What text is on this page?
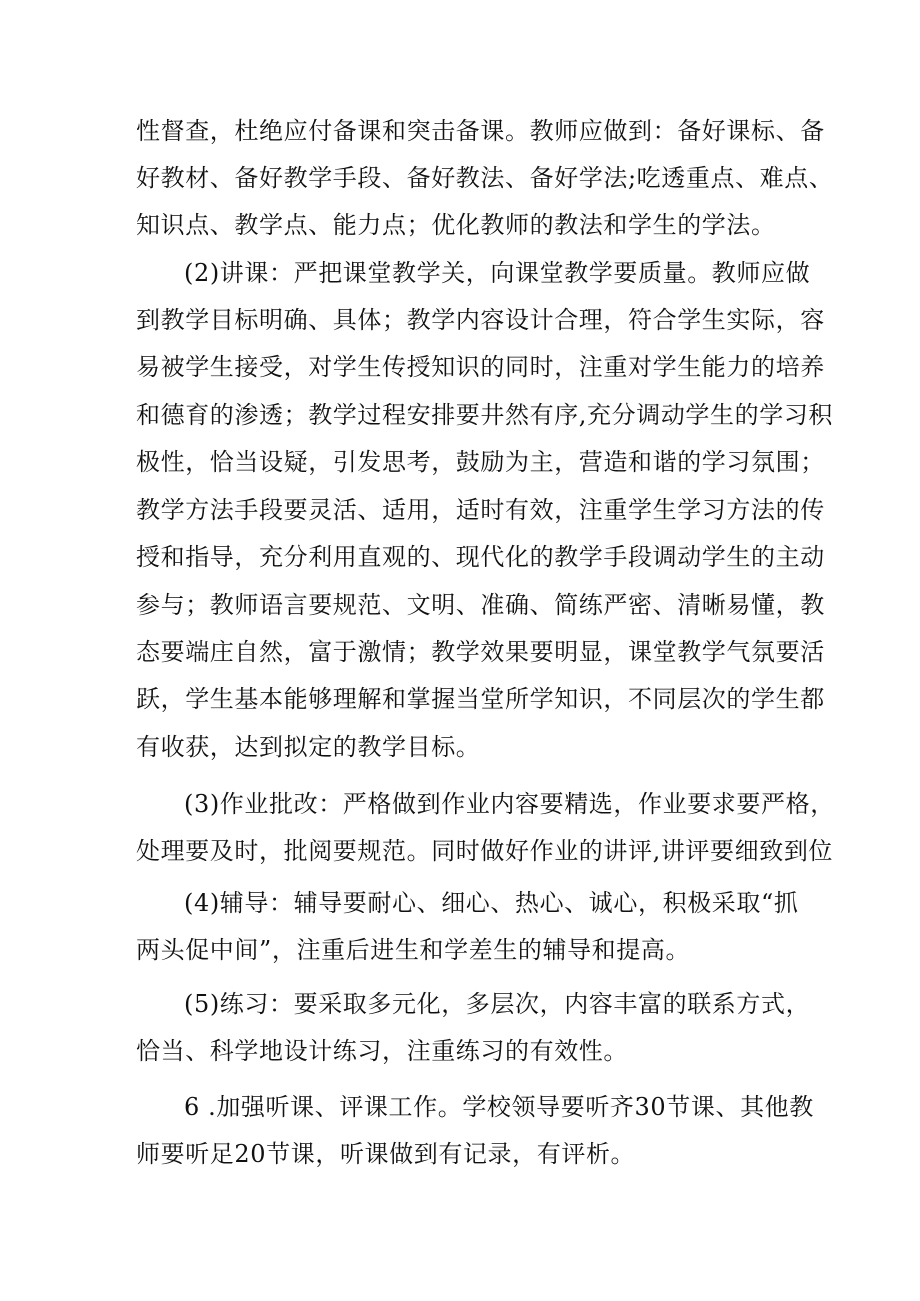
性督查，杜绝应付备课和突击备课。教师应做到：备好课标、备
好教材、备好教学手段、备好教法、备好学法;吃透重点、难点、
知识点、教学点、能力点；优化教师的教法和学生的学法。
(2)讲课：严把课堂教学关，向课堂教学要质量。教师应做
到教学目标明确、具体；教学内容设计合理，符合学生实际，容
易被学生接受，对学生传授知识的同时，注重对学生能力的培养
和德育的渗透；教学过程安排要井然有序,充分调动学生的学习积
极性，恰当设疑，引发思考，鼓励为主，营造和谐的学习氛围；
教学方法手段要灵活、适用，适时有效，注重学生学习方法的传
授和指导，充分利用直观的、现代化的教学手段调动学生的主动
参与；教师语言要规范、文明、准确、简练严密、清晰易懂，教
态要端庄自然，富于激情；教学效果要明显，课堂教学气氛要活
跃，学生基本能够理解和掌握当堂所学知识，不同层次的学生都
有收获，达到拟定的教学目标。
(3)作业批改：严格做到作业内容要精选，作业要求要严格，
处理要及时，批阅要规范。同时做好作业的讲评,讲评要细致到位
(4)辅导：辅导要耐心、细心、热心、诚心，积极采取“抓
两头促中间”，注重后进生和学差生的辅导和提高。
(5)练习：要采取多元化，多层次，内容丰富的联系方式，
恰当、科学地设计练习，注重练习的有效性。
6 .加强听课、评课工作。学校领导要听齐30节课、其他教
师要听足20节课，听课做到有记录，有评析。
